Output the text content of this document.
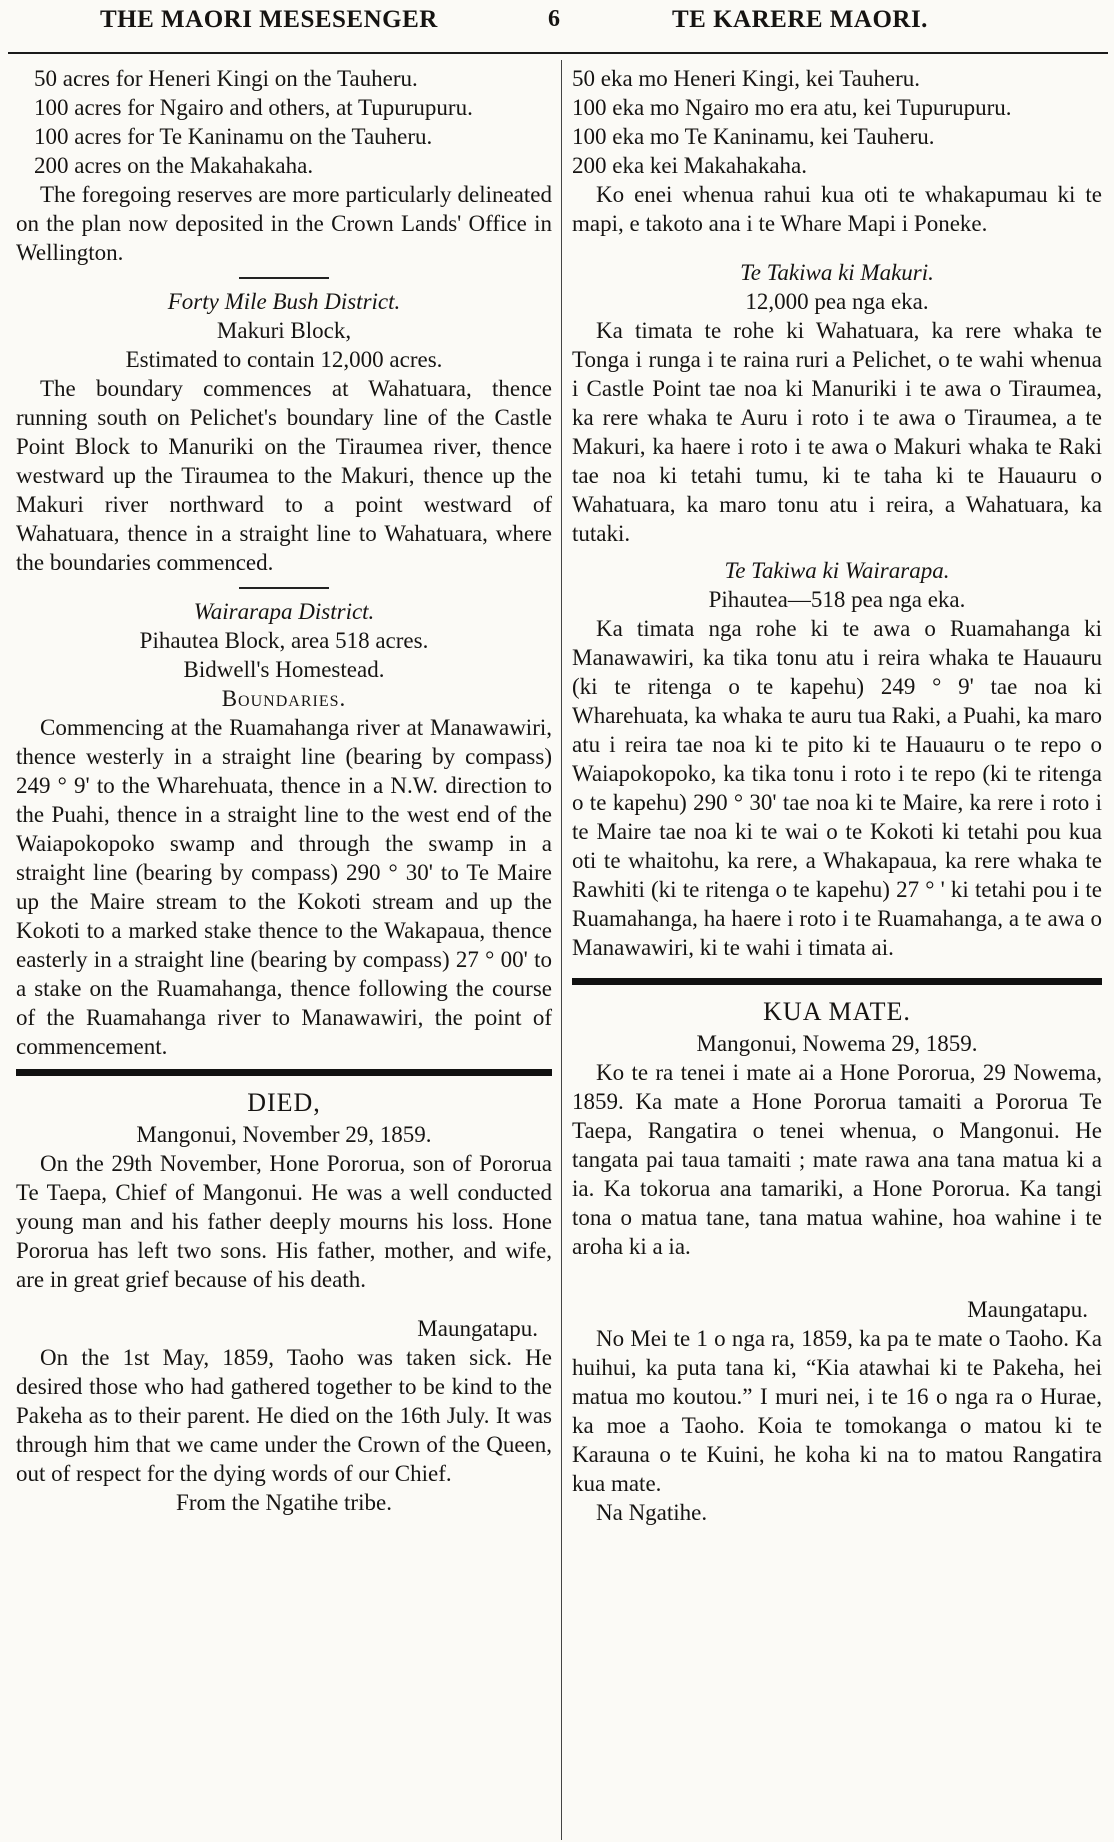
THE MAORI MESESENGER	6	TE KARERE MAORI.

50 acres for Heneri Kingi on the Tauheru.

100 acres for Ngairo and others, at Tupurupuru.

100 acres for Te Kaninamu on the Tauheru.

200 acres on the Makahakaha.

The foregoing reserves are more particularly delineated on the plan now deposited in the Crown Lands' Office in Wellington.

Forty Mile Bush District.

Makuri Block,

Estimated to contain 12,000 acres.

The boundary commences at Wahatuara, thence running south on Pelichet's boundary line of the Castle Point Block to Manuriki on the Tiraumea river, thence westward up the Tiraumea to the Makuri, thence up the Makuri river northward to a point westward of Wahatuara, thence in a straight line to Wahatuara, where the boundaries commenced.

Wairarapa District.

Pihautea Block, area 518 acres.

Bidwell's Homestead.

Boundaries.

Commencing at the Ruamahanga river at Manawawiri, thence westerly in a straight line (bearing by compass) 249 ° 9' to the Wharehuata, thence in a N.W. direction to the Puahi, thence in a straight line to the west end of the Waiapokopoko swamp and through the swamp in a straight line (bearing by compass) 290 ° 30' to Te Maire up the Maire stream to the Kokoti stream and up the Kokoti to a marked stake thence to the Wakapaua, thence easterly in a straight line (bearing by compass) 27 ° 00' to a stake on the Ruamahanga, thence following the course of the Ruamahanga river to Manawawiri, the point of commencement.

DIED,

Mangonui, November 29, 1859.

On the 29th November, Hone Pororua, son of Pororua Te Taepa, Chief of Mangonui. He was a well conducted young man and his father deeply mourns his loss. Hone Pororua has left two sons. His father, mother, and wife, are in great grief because of his death.

Maungatapu.

On the 1st May, 1859, Taoho was taken sick. He desired those who had gathered together to be kind to the Pakeha as to their parent. He died on the 16th July. It was through him that we came under the Crown of the Queen, out of respect for the dying words of our Chief.

From the Ngatihe tribe.

50 eka mo Heneri Kingi, kei Tauheru.

100 eka mo Ngairo mo era atu, kei Tupurupuru.

100 eka mo Te Kaninamu, kei Tauheru.

200 eka kei Makahakaha.

Ko enei whenua rahui kua oti te whakapumau ki te mapi, e takoto ana i te Whare Mapi i Poneke.

Te Takiwa ki Makuri.

12,000 pea nga eka.

Ka timata te rohe ki Wahatuara, ka rere whaka te Tonga i runga i te raina ruri a Pelichet, o te wahi whenua i Castle Point tae noa ki Manuriki i te awa o Tiraumea, ka rere whaka te Auru i roto i te awa o Tiraumea, a te Makuri, ka haere i roto i te awa o Makuri whaka te Raki tae noa ki tetahi tumu, ki te taha ki te Hauauru o Wahatuara, ka maro tonu atu i reira, a Wahatuara, ka tutaki.

Te Takiwa ki Wairarapa.

Pihautea—518 pea nga eka.

Ka timata nga rohe ki te awa o Ruamahanga ki Manawawiri, ka tika tonu atu i reira whaka te Hauauru (ki te ritenga o te kapehu) 249 ° 9' tae noa ki Wharehuata, ka whaka te auru tua Raki, a Puahi, ka maro atu i reira tae noa ki te pito ki te Hauauru o te repo o Waiapokopoko, ka tika tonu i roto i te repo (ki te ritenga o te kapehu) 290 ° 30' tae noa ki te Maire, ka rere i roto i te Maire tae noa ki te wai o te Kokoti ki tetahi pou kua oti te whaitohu, ka rere, a Whakapaua, ka rere whaka te Rawhiti (ki te ritenga o te kapehu) 27 ° ' ki tetahi pou i te Ruamahanga, ha haere i roto i te Ruamahanga, a te awa o Manawawiri, ki te wahi i timata ai.

KUA MATE.

Mangonui, Nowema 29, 1859.

Ko te ra tenei i mate ai a Hone Pororua, 29 Nowema, 1859. Ka mate a Hone Pororua tamaiti a Pororua Te Taepa, Rangatira o tenei whenua, o Mangonui. He tangata pai taua tamaiti ; mate rawa ana tana matua ki a ia. Ka tokorua ana tamariki, a Hone Pororua. Ka tangi tona o matua tane, tana matua wahine, hoa wahine i te aroha ki a ia.

Maungatapu.

No Mei te 1 o nga ra, 1859, ka pa te mate o Taoho. Ka huihui, ka puta tana ki, “Kia atawhai ki te Pakeha, hei matua mo koutou.” I muri nei, i te 16 o nga ra o Hurae, ka moe a Taoho. Koia te tomokanga o matou ki te Karauna o te Kuini, he koha ki na to matou Rangatira kua mate.

Na Ngatihe.
